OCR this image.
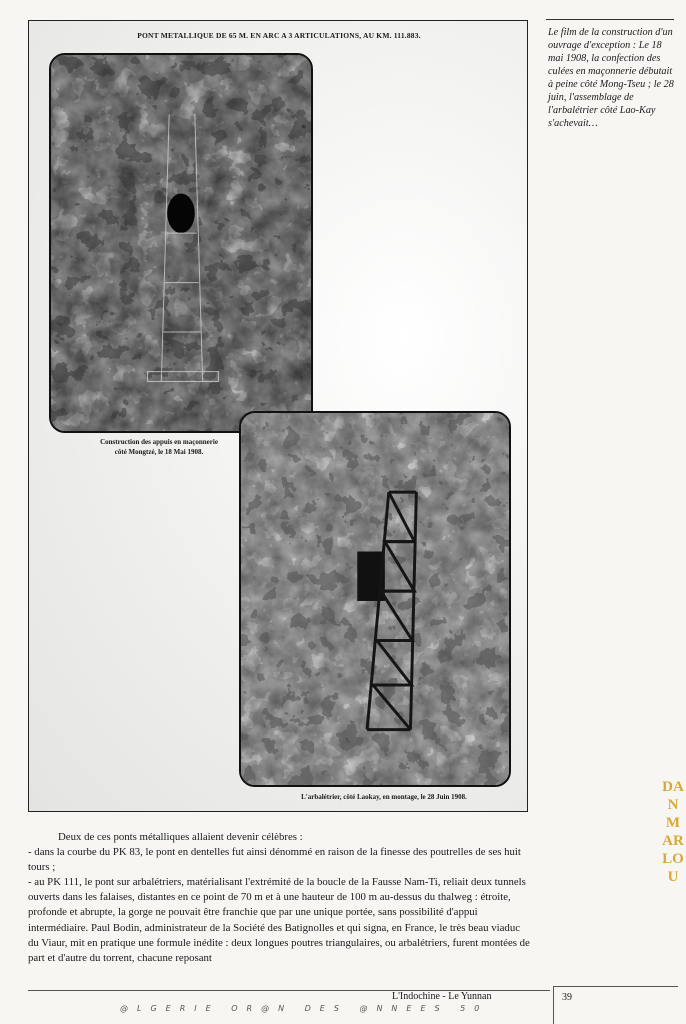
PONT METALLIQUE DE 65 M. EN ARC A 3 ARTICULATIONS, AU KM. 111.883.
Construction des appuis en maçonnerie
côté Mongtzé, le 18 Mai 1908.
L'arbalétrier, côté Laokay, en montage, le 28 Juin 1908.

Le film de la construction d'un ouvrage d'exception : Le 18 mai 1908, la confection des culées en maçonnerie débutait à peine côté Mong-Tseu ; le 28 juin, l'assemblage de l'arbalétrier côté Lao-Kay s'achevait…

DANMARLOU
Deux de ces ponts métalliques allaient devenir célèbres :
- dans la courbe du PK 83, le pont en dentelles fut ainsi dénommé en raison de la finesse des poutrelles de ses huit tours ;
- au PK 111, le pont sur arbalétriers, matérialisant l'extrémité de la boucle de la Fausse Nam-Ti, reliait deux tunnels ouverts dans les falaises, distantes en ce point de 70 m et à une hauteur de 100 m au-dessus du thalweg : étroite, profonde et abrupte, la gorge ne pouvait être franchie que par une unique portée, sans possibilité d'appui intermédiaire. Paul Bodin, administrateur de la Société des Batignolles et qui signa, en France, le très beau viaduc du Viaur, mit en pratique une formule inédite : deux longues poutres triangulaires, ou arbalétriers, furent montées de part et d'autre du torrent, chacune reposant
L'Indochine - Le Yunnan	39
@LGERIE OR@N DES @NNEES 50
